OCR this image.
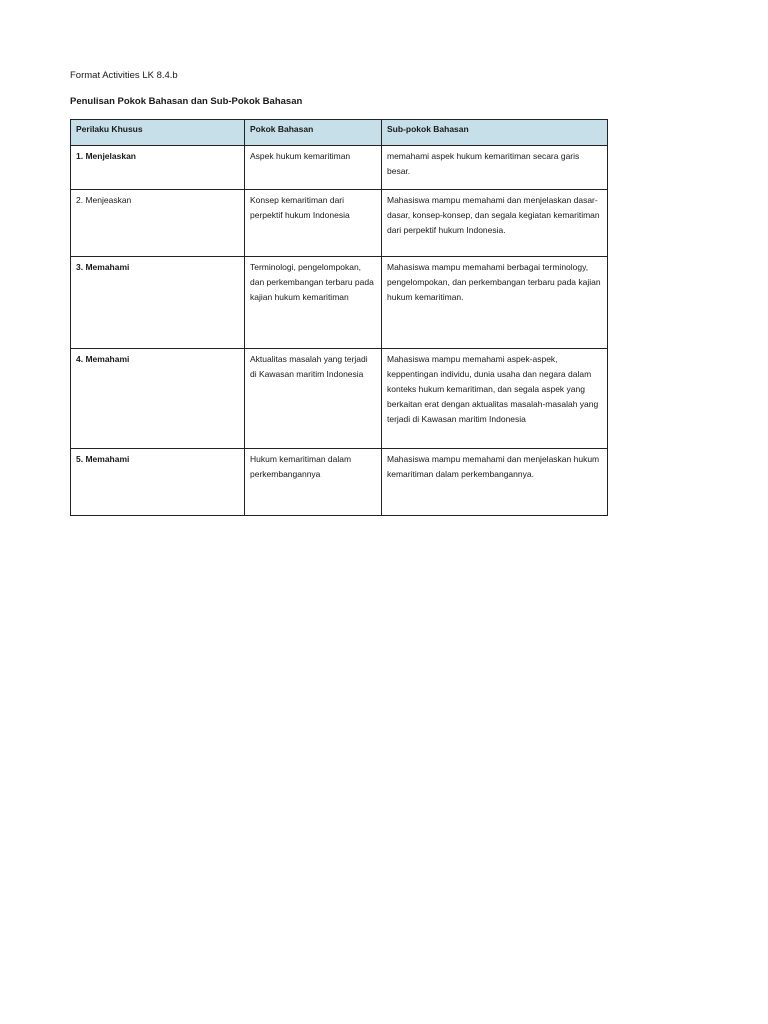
Format Activities LK 8.4.b
Penulisan Pokok Bahasan dan Sub-Pokok Bahasan
Perilaku Khusus	Pokok Bahasan	Sub-pokok Bahasan
1. Menjelaskan	Aspek hukum kemaritiman	memahami aspek hukum kemaritiman secara garis besar.
2. Menjeaskan	Konsep kemaritiman dari perpektif hukum Indonesia	Mahasiswa mampu memahami dan menjelaskan dasar-dasar, konsep-konsep, dan segala kegiatan kemaritiman dari perpektif hukum Indonesia.
3. Memahami	Terminologi, pengelompokan, dan perkembangan terbaru pada kajian hukum kemaritiman	Mahasiswa mampu memahami berbagai terminology, pengelompokan, dan perkembangan terbaru pada kajian hukum kemaritiman.
4. Memahami	Aktualitas masalah yang terjadi di Kawasan maritim Indonesia	Mahasiswa mampu memahami aspek-aspek, keppentingan individu, dunia usaha dan negara dalam konteks hukum kemaritiman, dan segala aspek yang berkaitan erat dengan aktualitas masalah-masalah yang terjadi di Kawasan maritim Indonesia
5. Memahami	Hukum kemaritiman dalam perkembangannya	Mahasiswa mampu memahami dan menjelaskan hukum kemaritiman dalam perkembangannya.
